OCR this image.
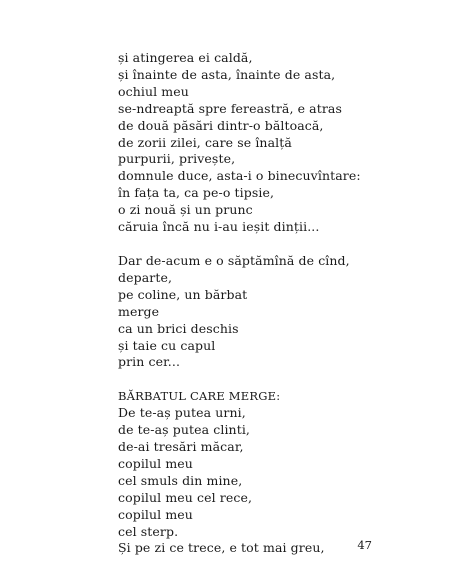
și atingerea ei caldă,
și înainte de asta, înainte de asta,
ochiul meu
se-ndreaptă spre fereastră, e atras
de două păsări dintr-o băltoacă,
de zorii zilei, care se înalță
purpurii, privește,
domnule duce, asta-i o binecuvîntare:
în fața ta, ca pe-o tipsie,
o zi nouă și un prunc
căruia încă nu i-au ieșit dinții...
Dar de-acum e o săptămînă de cînd,
departe,
pe coline, un bărbat
merge
ca un brici deschis
și taie cu capul
prin cer...
BĂRBATUL CARE MERGE:
De te-aș putea urni,
de te-aș putea clinti,
de-ai tresări măcar,
copilul meu
cel smuls din mine,
copilul meu cel rece,
copilul meu
cel sterp.
Și pe zi ce trece, e tot mai greu,	47
